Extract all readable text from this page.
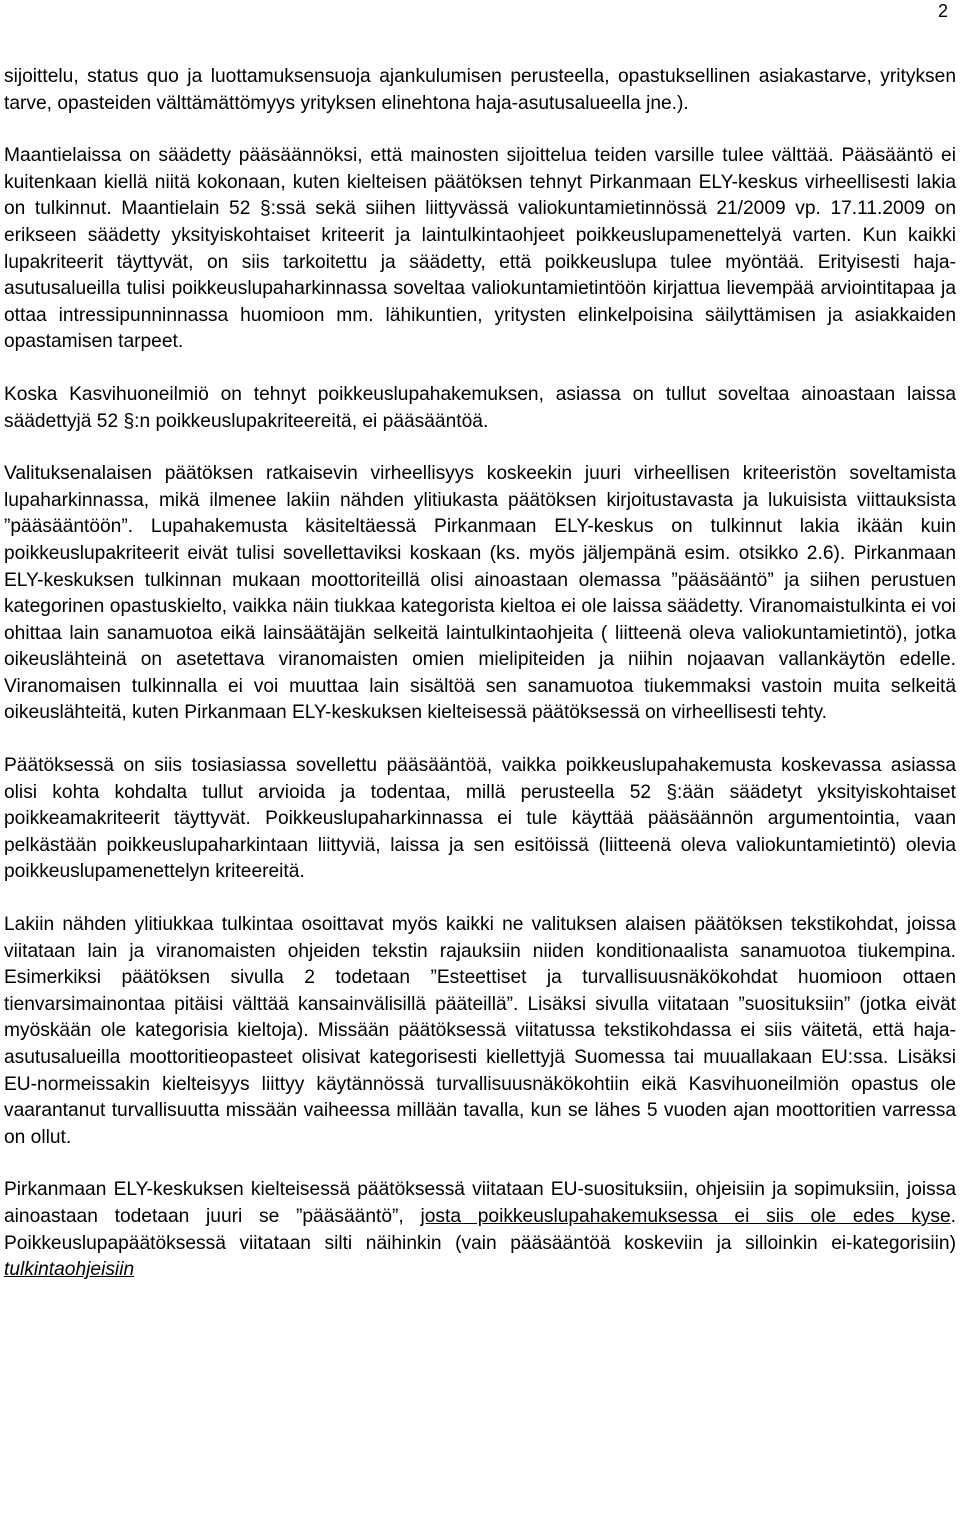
2

sijoittelu, status quo ja luottamuksensuoja ajankulumisen perusteella, opastuksellinen asiakastarve, yrityksen tarve, opasteiden välttämättömyys yrityksen elinehtona haja-asutusalueella jne.).

Maantielaissa on säädetty pääsäännöksi, että mainosten sijoittelua teiden varsille tulee välttää. Pääsääntö ei kuitenkaan kiellä niitä kokonaan, kuten kielteisen päätöksen tehnyt Pirkanmaan ELY-keskus virheellisesti lakia on tulkinnut. Maantielain 52 §:ssä sekä siihen liittyvässä valiokuntamietinnössä 21/2009 vp. 17.11.2009 on erikseen säädetty yksityiskohtaiset kriteerit ja laintulkintaohjeet poikkeuslupamenettelyä varten. Kun kaikki lupakriteerit täyttyvät, on siis tarkoitettu ja säädetty, että poikkeuslupa tulee myöntää. Erityisesti haja-asutusalueilla tulisi poikkeuslupaharkinnassa soveltaa valiokuntamietintöön kirjattua lievempää arviointitapaa ja ottaa intressipunninnassa huomioon mm. lähikuntien, yritysten elinkelpoisina säilyttämisen ja asiakkaiden opastamisen tarpeet.

Koska Kasvihuoneilmiö on tehnyt poikkeuslupahakemuksen, asiassa on tullut soveltaa ainoastaan laissa säädettyjä 52 §:n poikkeuslupakriteereitä, ei pääsääntöä.

Valituksenalaisen päätöksen ratkaisevin virheellisyys koskeekin juuri virheellisen kriteeristön soveltamista lupaharkinnassa, mikä ilmenee lakiin nähden ylitiukasta päätöksen kirjoitustavasta ja lukuisista viittauksista ”pääsääntöön”. Lupahakemusta käsiteltäessä Pirkanmaan ELY-keskus on tulkinnut lakia ikään kuin poikkeuslupakriteerit eivät tulisi sovellettaviksi koskaan (ks. myös jäljempänä esim. otsikko 2.6). Pirkanmaan ELY-keskuksen tulkinnan mukaan moottoriteillä olisi ainoastaan olemassa ”pääsääntö” ja siihen perustuen kategorinen opastuskielto, vaikka näin tiukkaa kategorista kieltoa ei ole laissa säädetty. Viranomaistulkinta ei voi ohittaa lain sanamuotoa eikä lainsäätäjän selkeitä laintulkintaohjeita ( liitteenä oleva valiokuntamietintö), jotka oikeuslähteinä on asetettava viranomaisten omien mielipiteiden ja niihin nojaavan vallankäytön edelle. Viranomaisen tulkinnalla ei voi muuttaa lain sisältöä sen sanamuotoa tiukemmaksi vastoin muita selkeitä oikeuslähteitä, kuten Pirkanmaan ELY-keskuksen kielteisessä päätöksessä on virheellisesti tehty.

Päätöksessä on siis tosiasiassa sovellettu pääsääntöä, vaikka poikkeuslupahakemusta koskevassa asiassa olisi kohta kohdalta tullut arvioida ja todentaa, millä perusteella 52 §:ään säädetyt yksityiskohtaiset poikkeamakriteerit täyttyvät. Poikkeuslupaharkinnassa ei tule käyttää pääsäännön argumentointia, vaan pelkästään poikkeuslupaharkintaan liittyviä, laissa ja sen esitöissä (liitteenä oleva valiokuntamietintö) olevia poikkeuslupamenettelyn kriteereitä.

Lakiin nähden ylitiukkaa tulkintaa osoittavat myös kaikki ne valituksen alaisen päätöksen tekstikohdat, joissa viitataan lain ja viranomaisten ohjeiden tekstin rajauksiin niiden konditionaalista sanamuotoa tiukempina. Esimerkiksi päätöksen sivulla 2 todetaan ”Esteettiset ja turvallisuusnäkökohdat huomioon ottaen tienvarsimainontaa pitäisi välttää kansainvälisillä pääteillä”. Lisäksi sivulla viitataan ”suosituksiin” (jotka eivät myöskään ole kategorisia kieltoja). Missään päätöksessä viitatussa tekstikohdassa ei siis väitetä, että haja-asutusalueilla moottoritieopasteet olisivat kategorisesti kiellettyjä Suomessa tai muuallakaan EU:ssa. Lisäksi EU-normeissakin kielteisyys liittyy käytännössä turvallisuusnäkökohtiin eikä Kasvihuoneilmiön opastus ole vaarantanut turvallisuutta missään vaiheessa millään tavalla, kun se lähes 5 vuoden ajan moottoritien varressa on ollut.

Pirkanmaan ELY-keskuksen kielteisessä päätöksessä viitataan EU-suosituksiin, ohjeisiin ja sopimuksiin, joissa ainoastaan todetaan juuri se ”pääsääntö”, josta poikkeuslupahakemuksessa ei siis ole edes kyse. Poikkeuslupapäätöksessä viitataan silti näihinkin (vain pääsääntöä koskeviin ja silloinkin ei-kategorisiin) tulkintaohjeisiin
